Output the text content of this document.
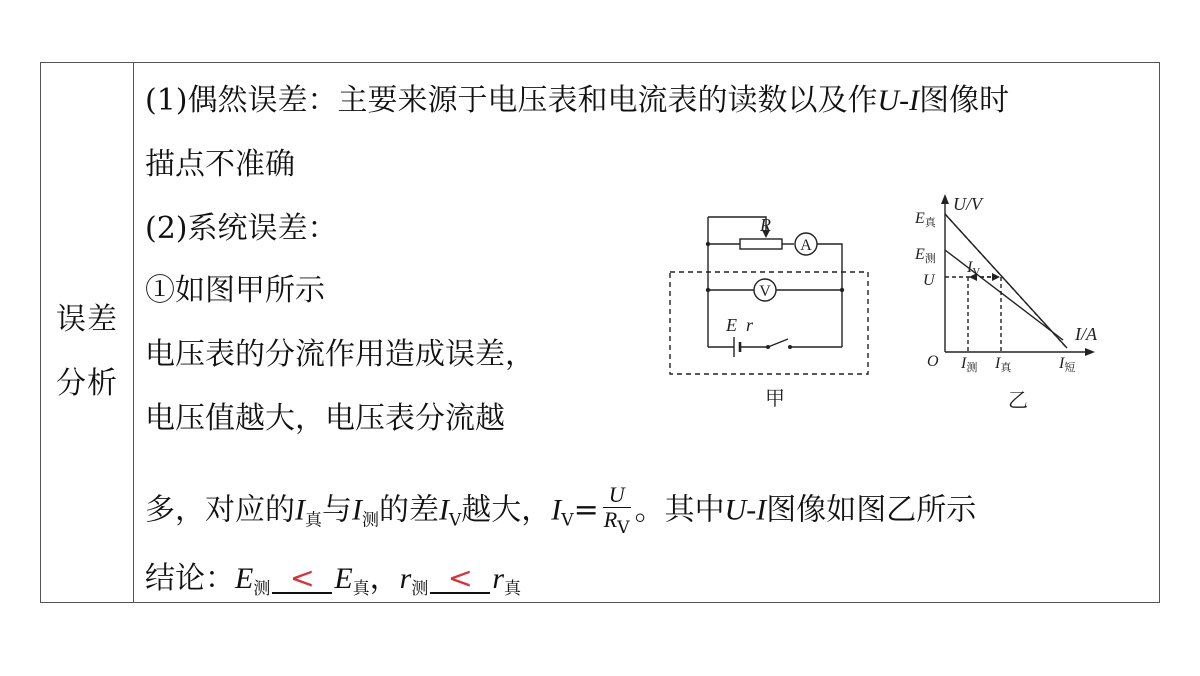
误差
分析
(1)偶然误差：主要来源于电压表和电流表的读数以及作U-I图像时
描点不准确
(2)系统误差：
①如图甲所示
电压表的分流作用造成误差，
电压值越大，电压表分流越
多，对应的$I_真$与$I_测$的差$I_V$越大，$I_V= \frac{U}{R_V}$ 。其中U-I图像如图乙所示
结论：$E_测 < E_真$，$r_测 < r_真$
R
A
V
E r
甲
U/V
I/A
O
E真
E测
U
IV
I测 I真	I短
乙
